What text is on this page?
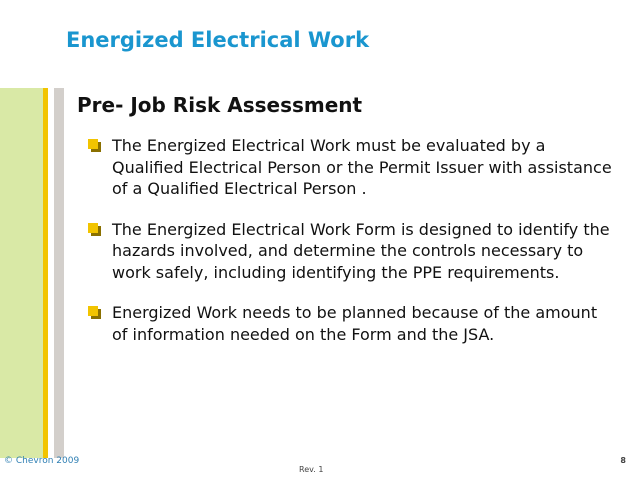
Energized Electrical Work
Pre- Job Risk Assessment
The Energized Electrical Work must be evaluated by a Qualified Electrical Person or the Permit Issuer with assistance of a Qualified Electrical Person .
The Energized Electrical Work Form is designed to identify the hazards involved, and determine the controls necessary to work safely, including identifying the PPE requirements.
Energized Work needs to be planned because of the amount of information needed on the Form and the JSA.
© Chevron 2009
Rev. 1
8
